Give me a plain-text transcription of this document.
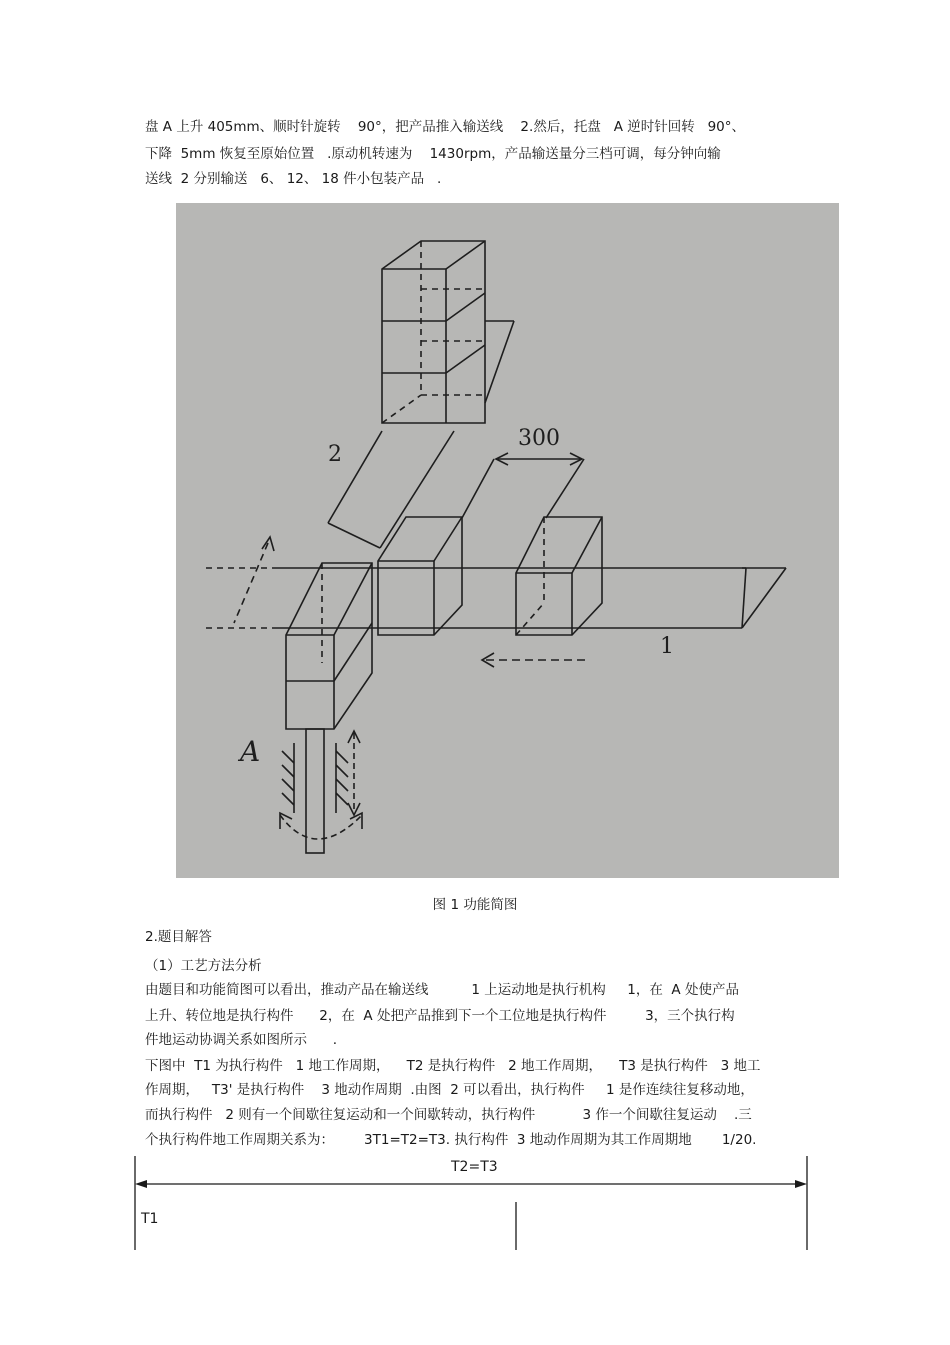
盘 A 上升 405mm、顺时针旋转    90°，把产品推入输送线    2.然后，托盘   A 逆时针回转   90°、
下降  5mm 恢复至原始位置   .原动机转速为    1430rpm，产品输送量分三档可调，每分钟向输
送线  2 分别输送   6、 12、 18 件小包装产品   .
2
300
1
A
图 1 功能简图
2.题目解答
（1）工艺方法分析
由题目和功能简图可以看出，推动产品在输送线          1 上运动地是执行机构     1，在  A 处使产品
上升、转位地是执行构件      2，在  A 处把产品推到下一个工位地是执行构件         3，三个执行构
件地运动协调关系如图所示      .
下图中  T1 为执行构件   1 地工作周期，    T2 是执行构件   2 地工作周期，    T3 是执行构件   3 地工
作周期，   T3' 是执行构件    3 地动作周期  .由图  2 可以看出，执行构件     1 是作连续往复移动地，
而执行构件   2 则有一个间歇往复运动和一个间歇转动，执行构件           3 作一个间歇往复运动    .三
个执行构件地工作周期关系为：       3T1=T2=T3. 执行构件  3 地动作周期为其工作周期地       1/20.
T2=T3
T1
